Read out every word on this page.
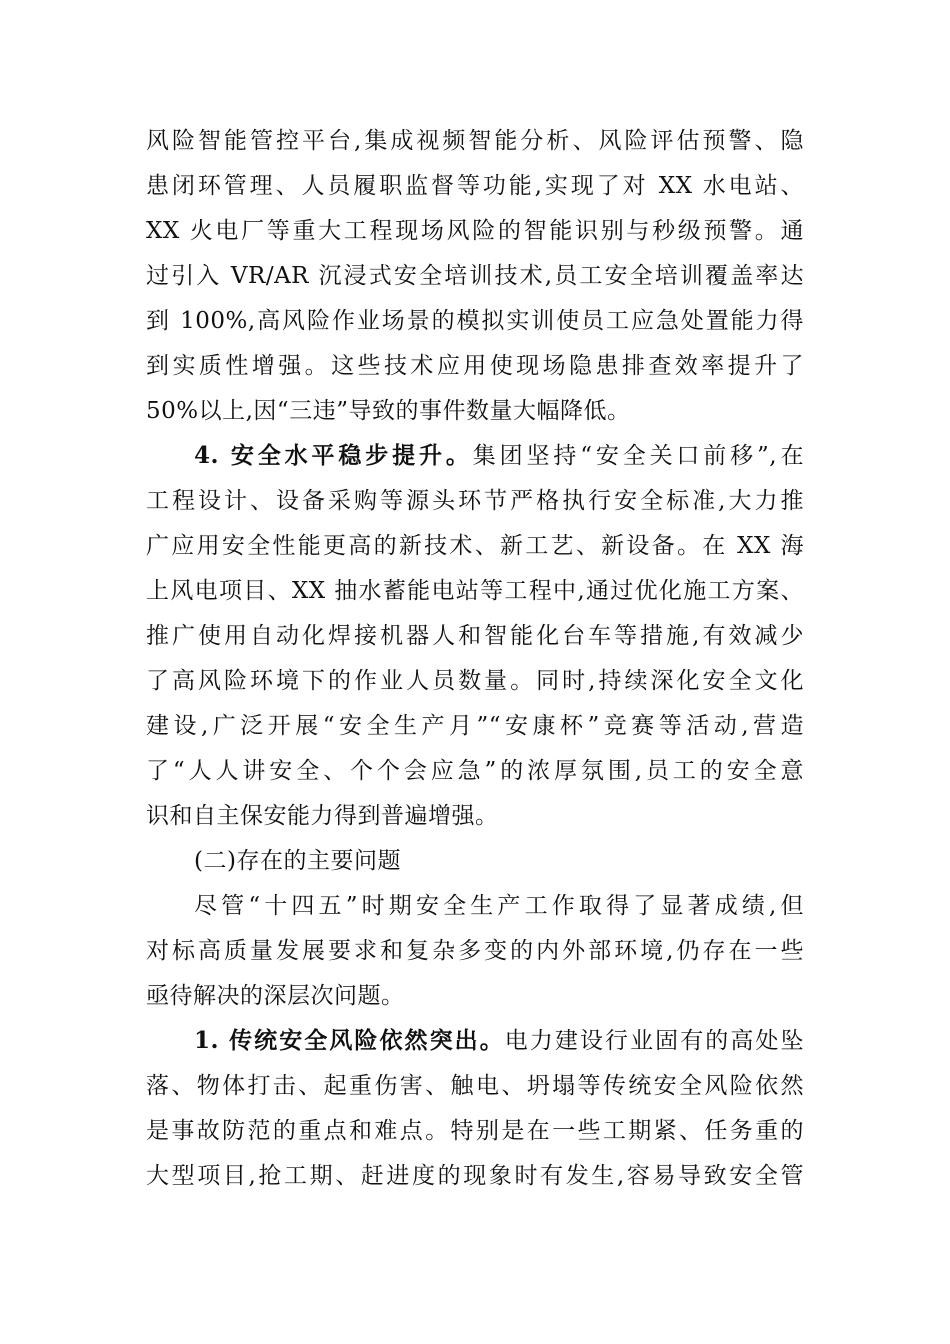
风险智能管控平台,集成视频智能分析、风险评估预警、隐
患闭环管理、人员履职监督等功能,实现了对 XX 水电站、
XX 火电厂等重大工程现场风险的智能识别与秒级预警。通
过引入 VR/AR 沉浸式安全培训技术,员工安全培训覆盖率达
到 100%,高风险作业场景的模拟实训使员工应急处置能力得
到实质性增强。这些技术应用使现场隐患排查效率提升了
50%以上,因“三违”导致的事件数量大幅降低。
4. 安全水平稳步提升。集团坚持“安全关口前移”,在
工程设计、设备采购等源头环节严格执行安全标准,大力推
广应用安全性能更高的新技术、新工艺、新设备。在 XX 海
上风电项目、XX 抽水蓄能电站等工程中,通过优化施工方案、
推广使用自动化焊接机器人和智能化台车等措施,有效减少
了高风险环境下的作业人员数量。同时,持续深化安全文化
建设,广泛开展“安全生产月”“安康杯”竞赛等活动,营造
了“人人讲安全、个个会应急”的浓厚氛围,员工的安全意
识和自主保安能力得到普遍增强。
(二)存在的主要问题
尽管“十四五”时期安全生产工作取得了显著成绩,但
对标高质量发展要求和复杂多变的内外部环境,仍存在一些
亟待解决的深层次问题。
1. 传统安全风险依然突出。电力建设行业固有的高处坠
落、物体打击、起重伤害、触电、坍塌等传统安全风险依然
是事故防范的重点和难点。特别是在一些工期紧、任务重的
大型项目,抢工期、赶进度的现象时有发生,容易导致安全管
